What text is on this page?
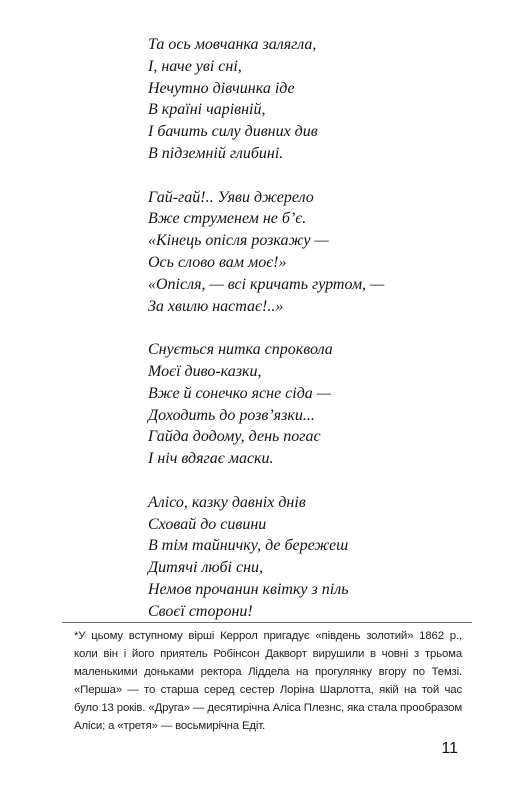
Та ось мовчанка залягла,
І, наче уві сні,
Нечутно дівчинка іде
В країні чарівній,
І бачить силу дивних див
В підземній глибині.
Гай-гай!.. Уяви джерело
Вже струменем не б’є.
«Кінець опісля розкажу —
Ось слово вам моє!»
«Опісля, — всі кричать гуртом, —
За хвилю настає!..»
Снується нитка спроквола
Моєї диво-казки,
Вже й сонечко ясне сіда —
Доходить до розв’язки...
Гайда додому, день погас
І ніч вдягає маски.
Алісо, казку давніх днів
Сховай до сивини
В тім тайничку, де бережеш
Дитячі любі сни,
Немов прочанин квітку з піль
Своєї сторони!
*У цьому вступному вірші Керрол пригадує «південь золотий» 1862 р., коли він і його приятель Робінсон Дакворт вирушили в човні з трьома маленькими доньками ректора Ліддела на прогулянку вгору по Темзі. «Перша» — то старша серед сестер Лоріна Шарлотта, якій на той час було 13 років. «Друга» — десятирічна Аліса Плезнс, яка стала прообразом Аліси; а «третя» — восьмирічна Едіт.
11
